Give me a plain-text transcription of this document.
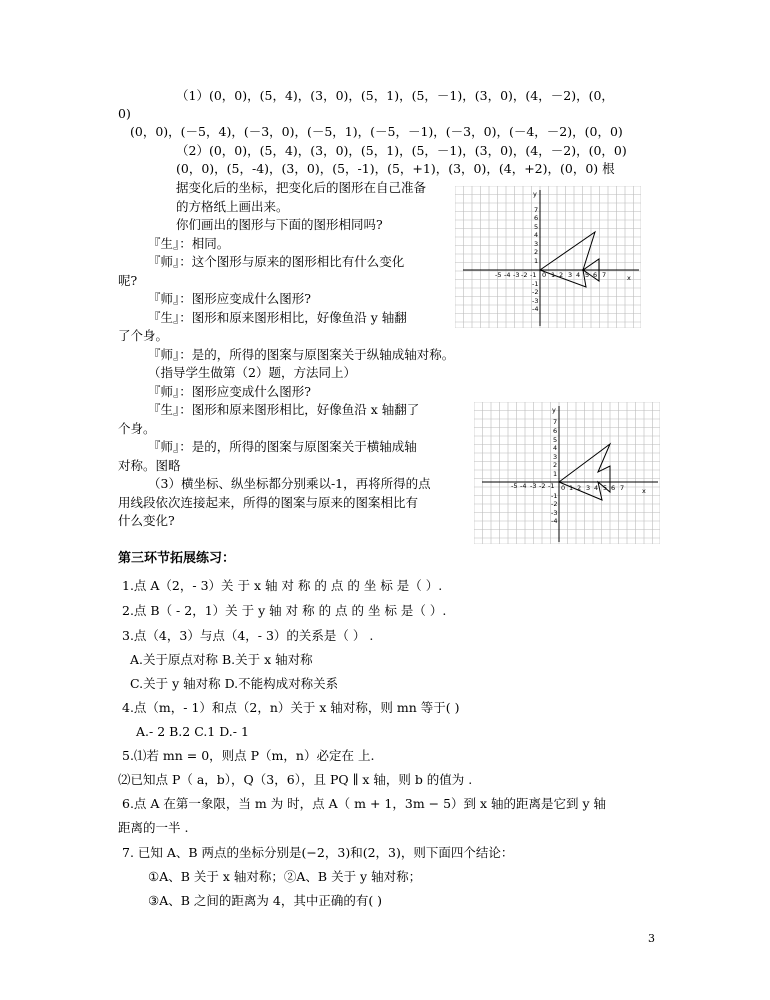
（1）(0，0)，(5，4)，(3，0)，(5，1)，(5，－1)，(3，0)，(4，－2)，(0，
0)
(0，0)，(－5，4)，(－3，0)，(－5，1)，(－5，－1)，(－3，0)，(－4，－2)，(0，0)
（2）(0，0)，(5，4)，(3，0)，(5，1)，(5，－1)，(3，0)，(4，－2)，(0，0)
(0，0)，(5，-4)，(3，0)，(5，-1)，(5，+1)，(3，0)，(4，+2)，(0，0) 根
据变化后的坐标，把变化后的图形在自己准备
的方格纸上画出来。
你们画出的图形与下面的图形相同吗?
『生』：相同。
『师』：这个图形与原来的图形相比有什么变化
呢?
『师』：图形应变成什么图形?
『生』：图形和原来图形相比，好像鱼沿 y 轴翻
了个身。
『师』：是的，所得的图案与原图案关于纵轴成轴对称。
（指导学生做第（2）题，方法同上）
『师』：图形应变成什么图形?
『生』：图形和原来图形相比，好像鱼沿 x 轴翻了
个身。
『师』：是的，所得的图案与原图案关于横轴成轴
对称。图略
（3）横坐标、纵坐标都分别乘以-1，再将所得的点
用线段依次连接起来，所得的图案与原来的图案相比有
什么变化?
y
x
0
-5 -4 -3 -2 -1 1 2 3 4 5 6 7
7
6
5
4
3
2
1
-1
-2
-3
-4
y
x
0
-5 -4 -3 -2 -1 1 2 3 4 5 6 7
7
6
5
4
3
2
1
-1
-2
-3
-4
第三环节拓展练习：
1.点 A（2，- 3）关 于 x 轴 对 称 的 点 的 坐 标 是（ ）.
2.点 B（ - 2，1）关 于 y 轴 对 称 的 点 的 坐 标 是（ ）.
3.点（4，3）与点（4，- 3）的关系是（ ） .
A.关于原点对称 B.关于 x 轴对称
C.关于 y 轴对称 D.不能构成对称关系
4.点（m，- 1）和点（2，n）关于 x 轴对称，则 mn 等于( )
A.- 2 B.2 C.1 D.- 1
5.⑴若 mn = 0，则点 P（m，n）必定在 上.
⑵已知点 P（ a，b），Q（3，6），且 PQ ∥ x 轴，则 b 的值为 .
6.点 A 在第一象限，当 m 为 时，点 A（ m + 1，3m − 5）到 x 轴的距离是它到 y 轴
距离的一半 .
7. 已知 A、B 两点的坐标分别是(−2，3)和(2，3)，则下面四个结论：
①A、B 关于 x 轴对称；②A、B 关于 y 轴对称；
③A、B 之间的距离为 4，其中正确的有( )
3
